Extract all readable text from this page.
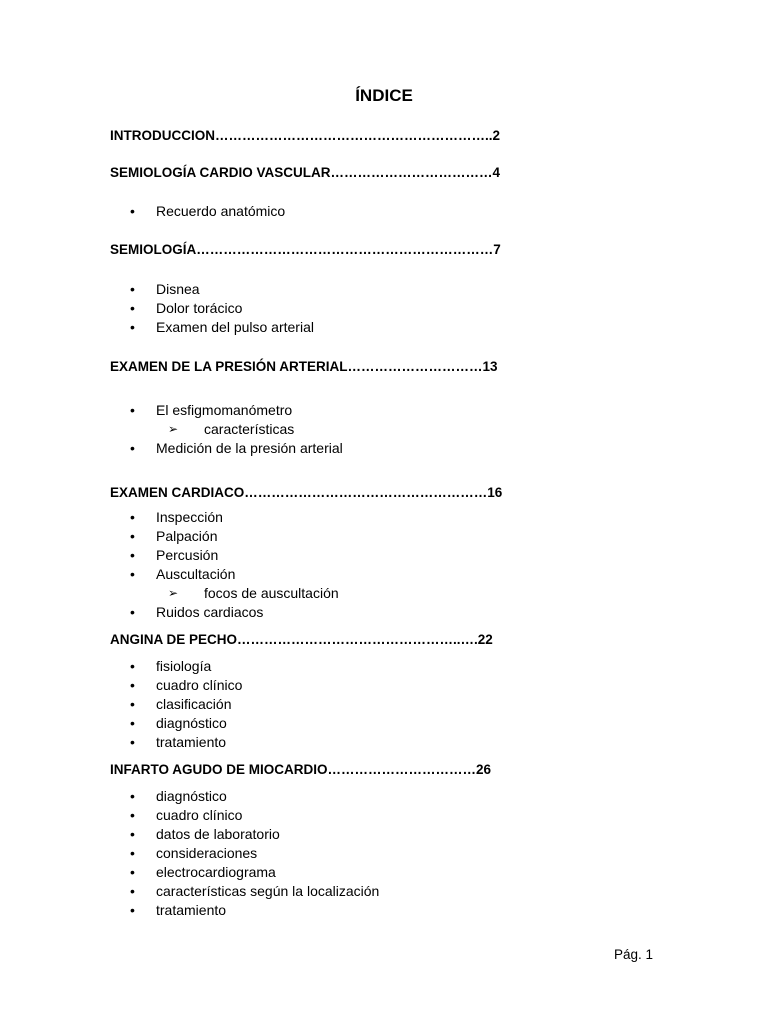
ÍNDICE
INTRODUCCION……………………………………………………..2
SEMIOLOGÍA CARDIO VASCULAR………………………………4
• Recuerdo anatómico
SEMIOLOGÍA…………………………………………………………7
• Disnea
• Dolor torácico
• Examen del pulso arterial
EXAMEN DE LA PRESIÓN ARTERIAL…………………………13
• El esfigmomanómetro
➢ características
• Medición de la presión arterial
EXAMEN CARDIACO………………………………………………16
• Inspección
• Palpación
• Percusión
• Auscultación
➢ focos de auscultación
• Ruidos cardiacos
ANGINA DE PECHO…………………………………………..….22
• fisiología
• cuadro clínico
• clasificación
• diagnóstico
• tratamiento
INFARTO AGUDO DE MIOCARDIO……………………………26
• diagnóstico
• cuadro clínico
• datos de laboratorio
• consideraciones
• electrocardiograma
• características según la localización
• tratamiento
Pág. 1
